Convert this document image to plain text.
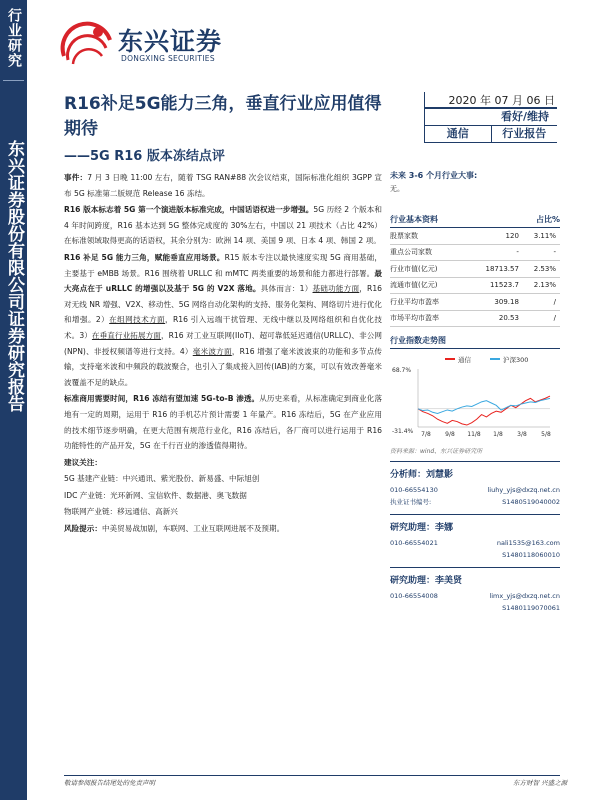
行业研究
东兴证券股份有限公司证券研究报告
东兴证券
DONGXING SECURITIES
R16补足5G能力三角，垂直行业应用值得期待
——5G R16 版本冻结点评
2020 年 07 月 06 日
看好/维持
通信	行业报告

事件：7 月 3 日晚 11:00 左右，随着 TSG RAN#88 次会议结束，国际标准化组织 3GPP 宣布 5G 标准第二版规范 Release 16 冻结。

R16 版本标志着 5G 第一个演进版本标准完成，中国话语权进一步增强。5G 历经 2 个版本和 4 年时间跨度，R16 基本达到 5G 整体完成度的 30%左右，中国以 21 项技术（占比 42%）在标准领域取得更高的话语权，其余分别为：欧洲 14 项、美国 9 项、日本 4 项、韩国 2 项。

R16 补足 5G 能力三角，赋能垂直应用场景。R15 版本专注以最快速度实现 5G 商用基础，主要基于 eMBB 场景。R16 围绕着 URLLC 和 mMTC 两类重要的场景和能力都进行部署。最大亮点在于 uRLLC 的增强以及基于 5G 的 V2X 落地。具体而言：1）基础功能方面，R16 对无线 NR 增强、V2X、移动性、5G 网络自动化架构的支持、服务化架构、网络切片进行优化和增强。2）在组网技术方面，R16 引入远端干扰管理、无线中继以及网络组织和自优化技术。3）在垂直行业拓展方面，R16 对工业互联网(IIoT)、超可靠低延迟通信(URLLC)、非公网(NPN)、非授权频谱等进行支持。4）毫米波方面，R16 增强了毫米波波束的功能和多节点传输，支持毫米波和中频段的载波聚合，也引入了集成接入回传(IAB)的方案，可以有效改善毫米波覆盖不足的缺点。

标准商用需要时间，R16 冻结有望加速 5G-to-B 渗透。从历史来看，从标准确定到商业化落地有一定的周期，运用于 R16 的手机芯片预计需要 1 年量产。R16 冻结后，5G 在产业应用的技术细节逐步明确，在更大范围有规范行业化，R16 冻结后，各厂商可以进行运用于 R16 功能特性的产品开发，5G 在千行百业的渗透值得期待。

建议关注：

5G 基建产业链：中兴通讯、紫光股份、新易盛、中际旭创

IDC 产业链：光环新网、宝信软件、数据港、奥飞数据

物联网产业链：移远通信、高新兴

风险提示：中美贸易战加剧，车联网、工业互联网进展不及预期。

未来 3-6 个月行业大事:
无。
行业基本资料	占比%
股票家数	120	3.11%
重点公司家数	-	-
行业市值(亿元)	18713.57	2.53%
流通市值(亿元)	11523.7	2.13%
行业平均市盈率	309.18	/
市场平均市盈率	20.53	/
行业指数走势图
通信	沪深300
68.7%
-31.4% 7/8 9/8 11/8 1/8 3/8 5/8
资料来源：wind、东兴证券研究所
分析师：刘慧影
010-66554130	liuhy_yjs@dxzq.net.cn
执业证书编号:	S1480519040002
研究助理：李娜
010-66554021	nali1535@163.com
S1480118060010
研究助理：李美贤
010-66554008	limx_yjs@dxzq.net.cn
S1480119070061
敬请参阅报告结尾处的免责声明	东方财智 兴盛之源
